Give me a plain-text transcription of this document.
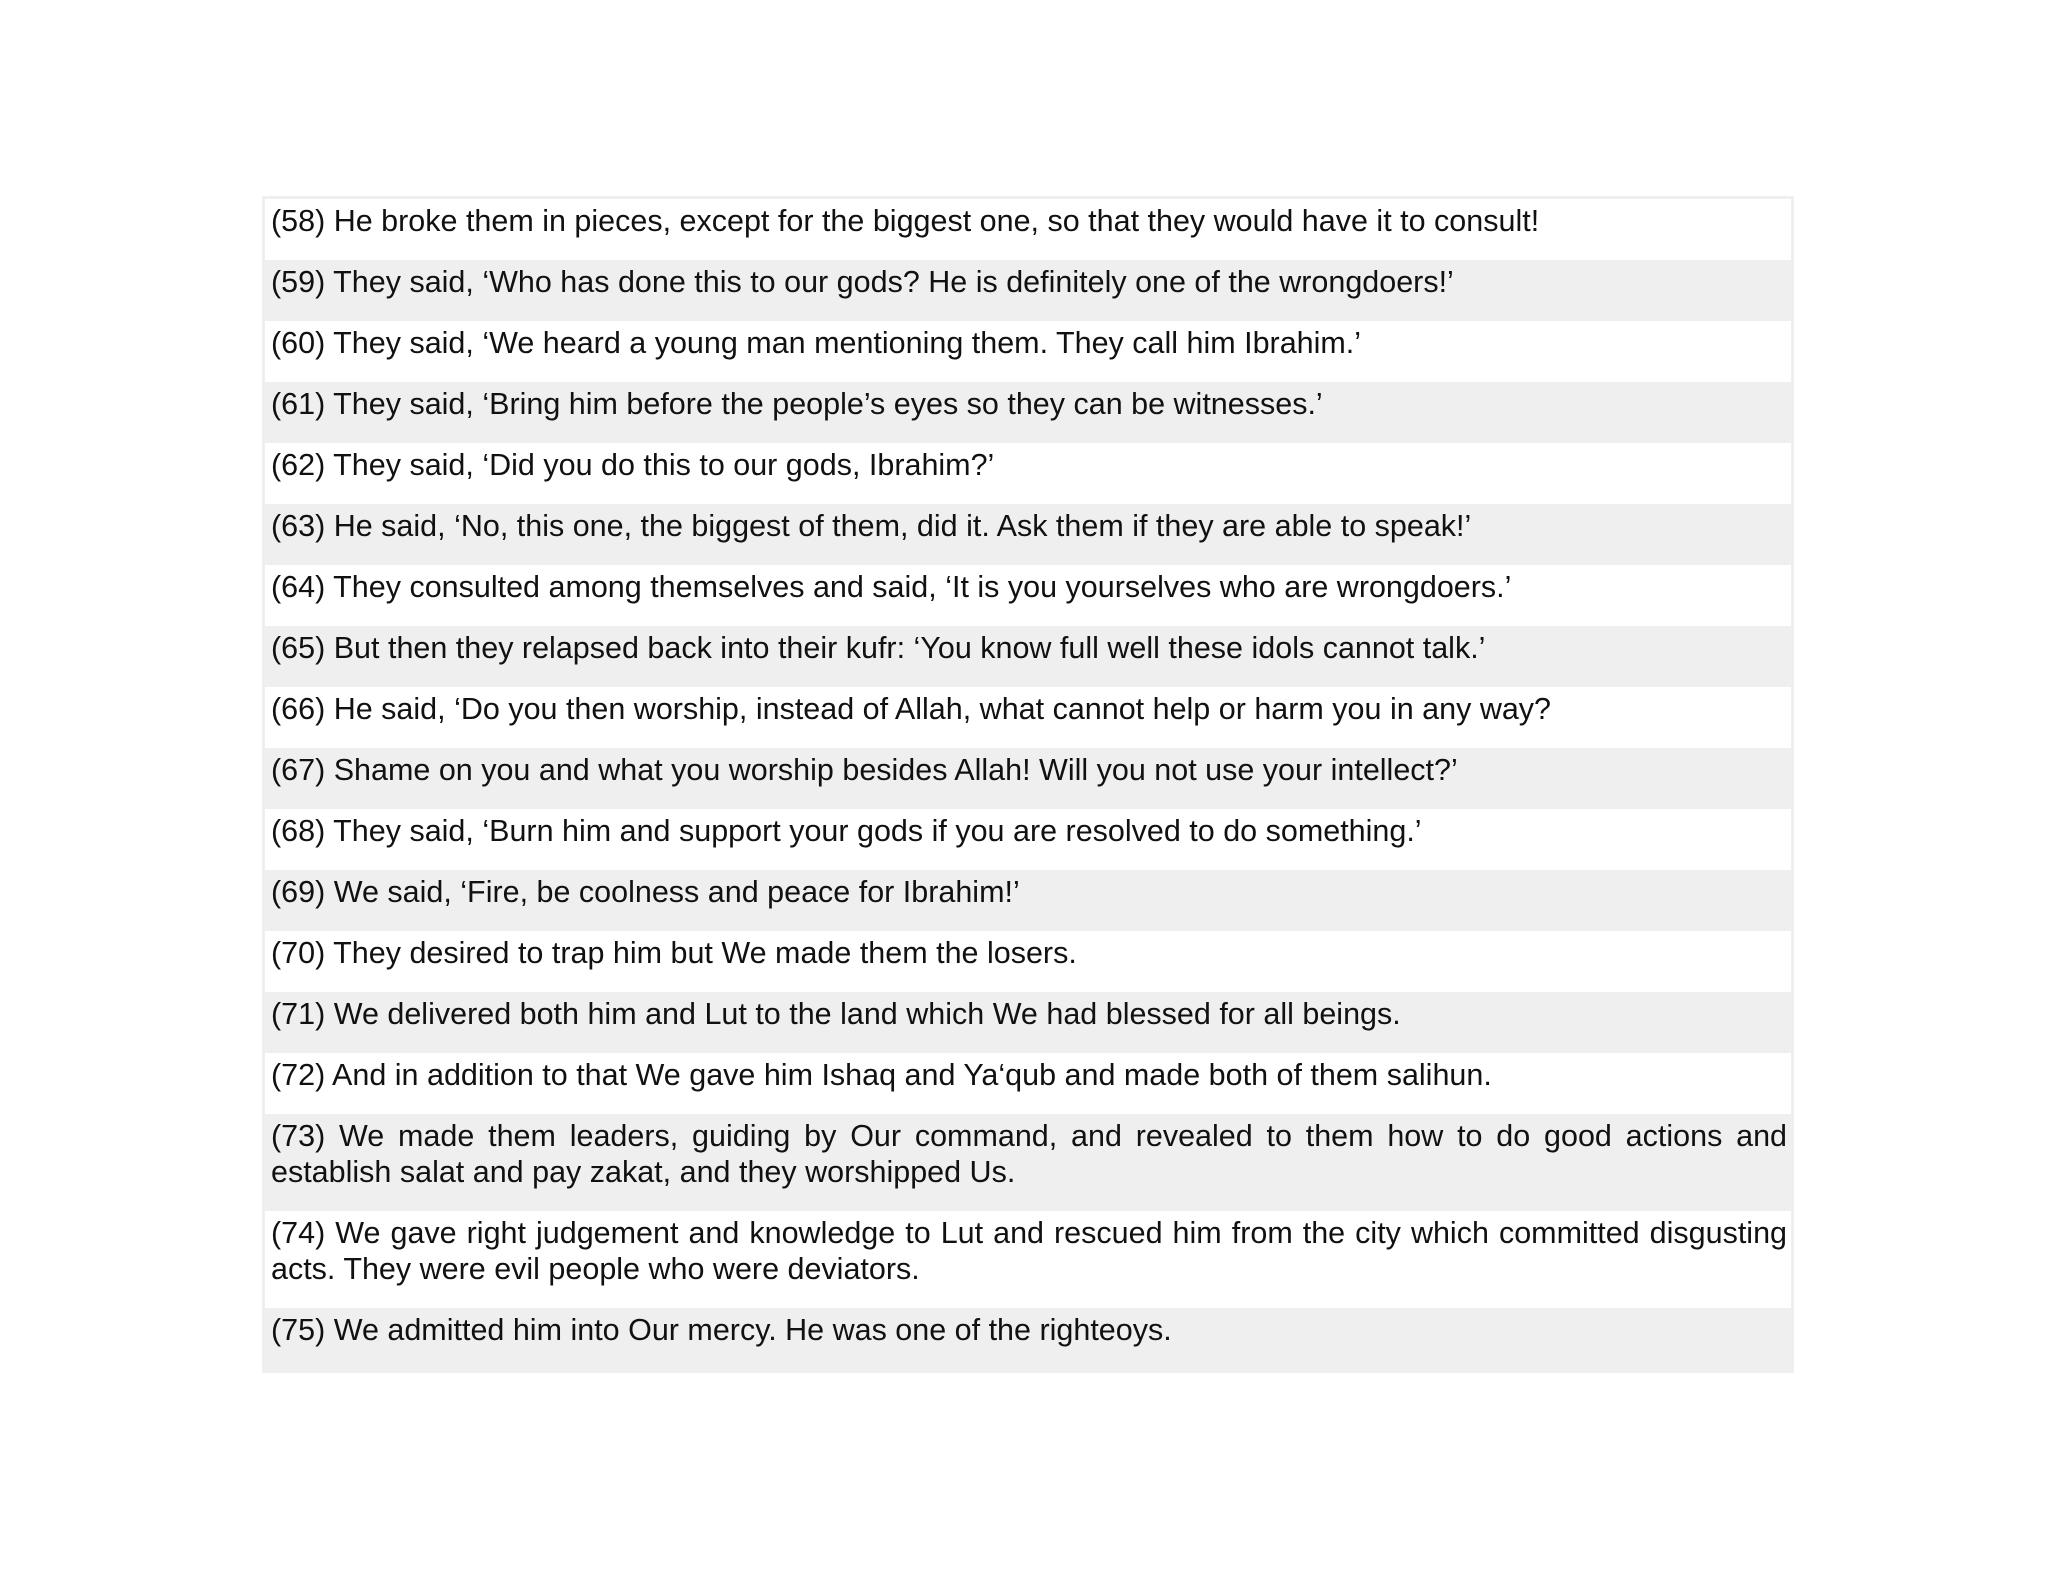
(58) He broke them in pieces, except for the biggest one, so that they would have it to consult!
(59) They said, ‘Who has done this to our gods? He is definitely one of the wrongdoers!’
(60) They said, ‘We heard a young man mentioning them. They call him Ibrahim.’
(61) They said, ‘Bring him before the people’s eyes so they can be witnesses.’
(62) They said, ‘Did you do this to our gods, Ibrahim?’
(63) He said, ‘No, this one, the biggest of them, did it. Ask them if they are able to speak!’
(64) They consulted among themselves and said, ‘It is you yourselves who are wrongdoers.’
(65) But then they relapsed back into their kufr: ‘You know full well these idols cannot talk.’
(66) He said, ‘Do you then worship, instead of Allah, what cannot help or harm you in any way?
(67) Shame on you and what you worship besides Allah! Will you not use your intellect?’
(68) They said, ‘Burn him and support your gods if you are resolved to do something.’
(69) We said, ‘Fire, be coolness and peace for Ibrahim!’
(70) They desired to trap him but We made them the losers.
(71) We delivered both him and Lut to the land which We had blessed for all beings.
(72) And in addition to that We gave him Ishaq and Ya‘qub and made both of them salihun.
(73) We made them leaders, guiding by Our command, and revealed to them how to do good actions and establish salat and pay zakat, and they worshipped Us.
(74) We gave right judgement and knowledge to Lut and rescued him from the city which committed disgusting acts. They were evil people who were deviators.
(75) We admitted him into Our mercy. He was one of the righteoys.
